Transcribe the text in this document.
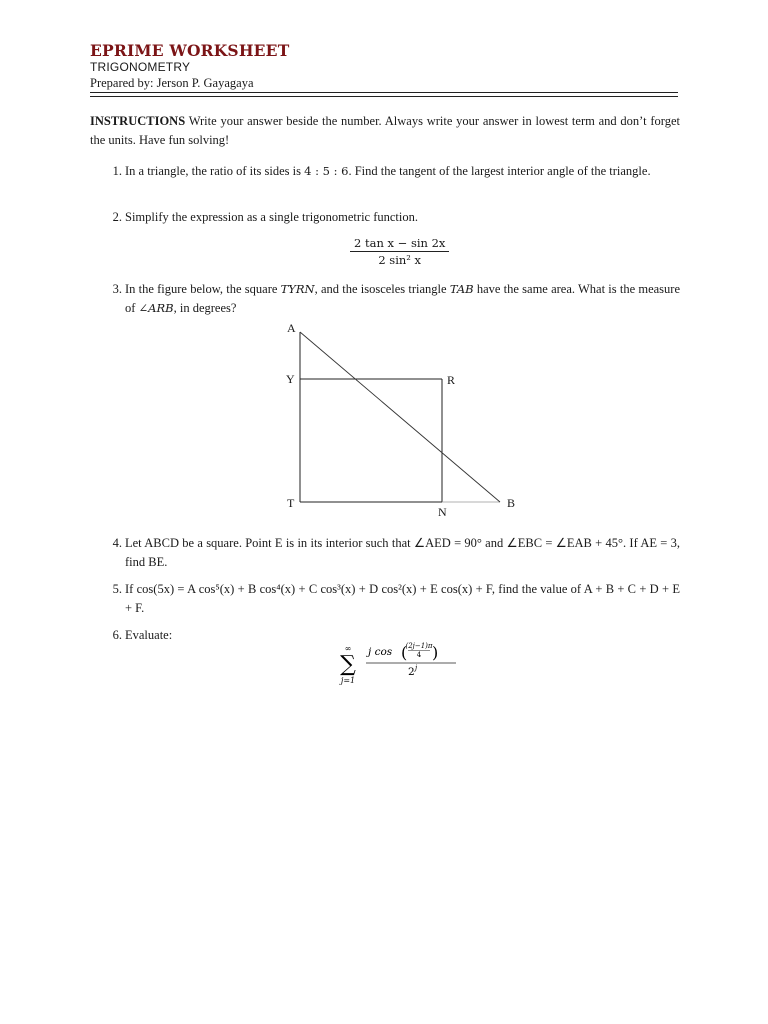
EPRIME WORKSHEET
TRIGONOMETRY
Prepared by: Jerson P. Gayagaya
INSTRUCTIONS Write your answer beside the number. Always write your answer in lowest term and don’t forget the units. Have fun solving!
1. In a triangle, the ratio of its sides is 4 : 5 : 6. Find the tangent of the largest interior angle of the triangle.
2. Simplify the expression as a single trigonometric function.
2 tan x − sin 2x
2 sin² x
3. In the figure below, the square TYRN, and the isosceles triangle TAB have the same area. What is the measure of ∠ARB, in degrees?
A
Y	R
T
N
B
4. Let ABCD be a square. Point E is in its interior such that ∠AED = 90° and ∠EBC = ∠EAB + 45°. If AE = 3, find BE.
5. If cos(5x) = A cos⁵(x) + B cos⁴(x) + C cos³(x) + D cos²(x) + E cos(x) + F, find the value of A + B + C + D + E + F.
6. Evaluate:
∞
∑
j=1
j cos (
(2j−1)π
4 )
2 j
